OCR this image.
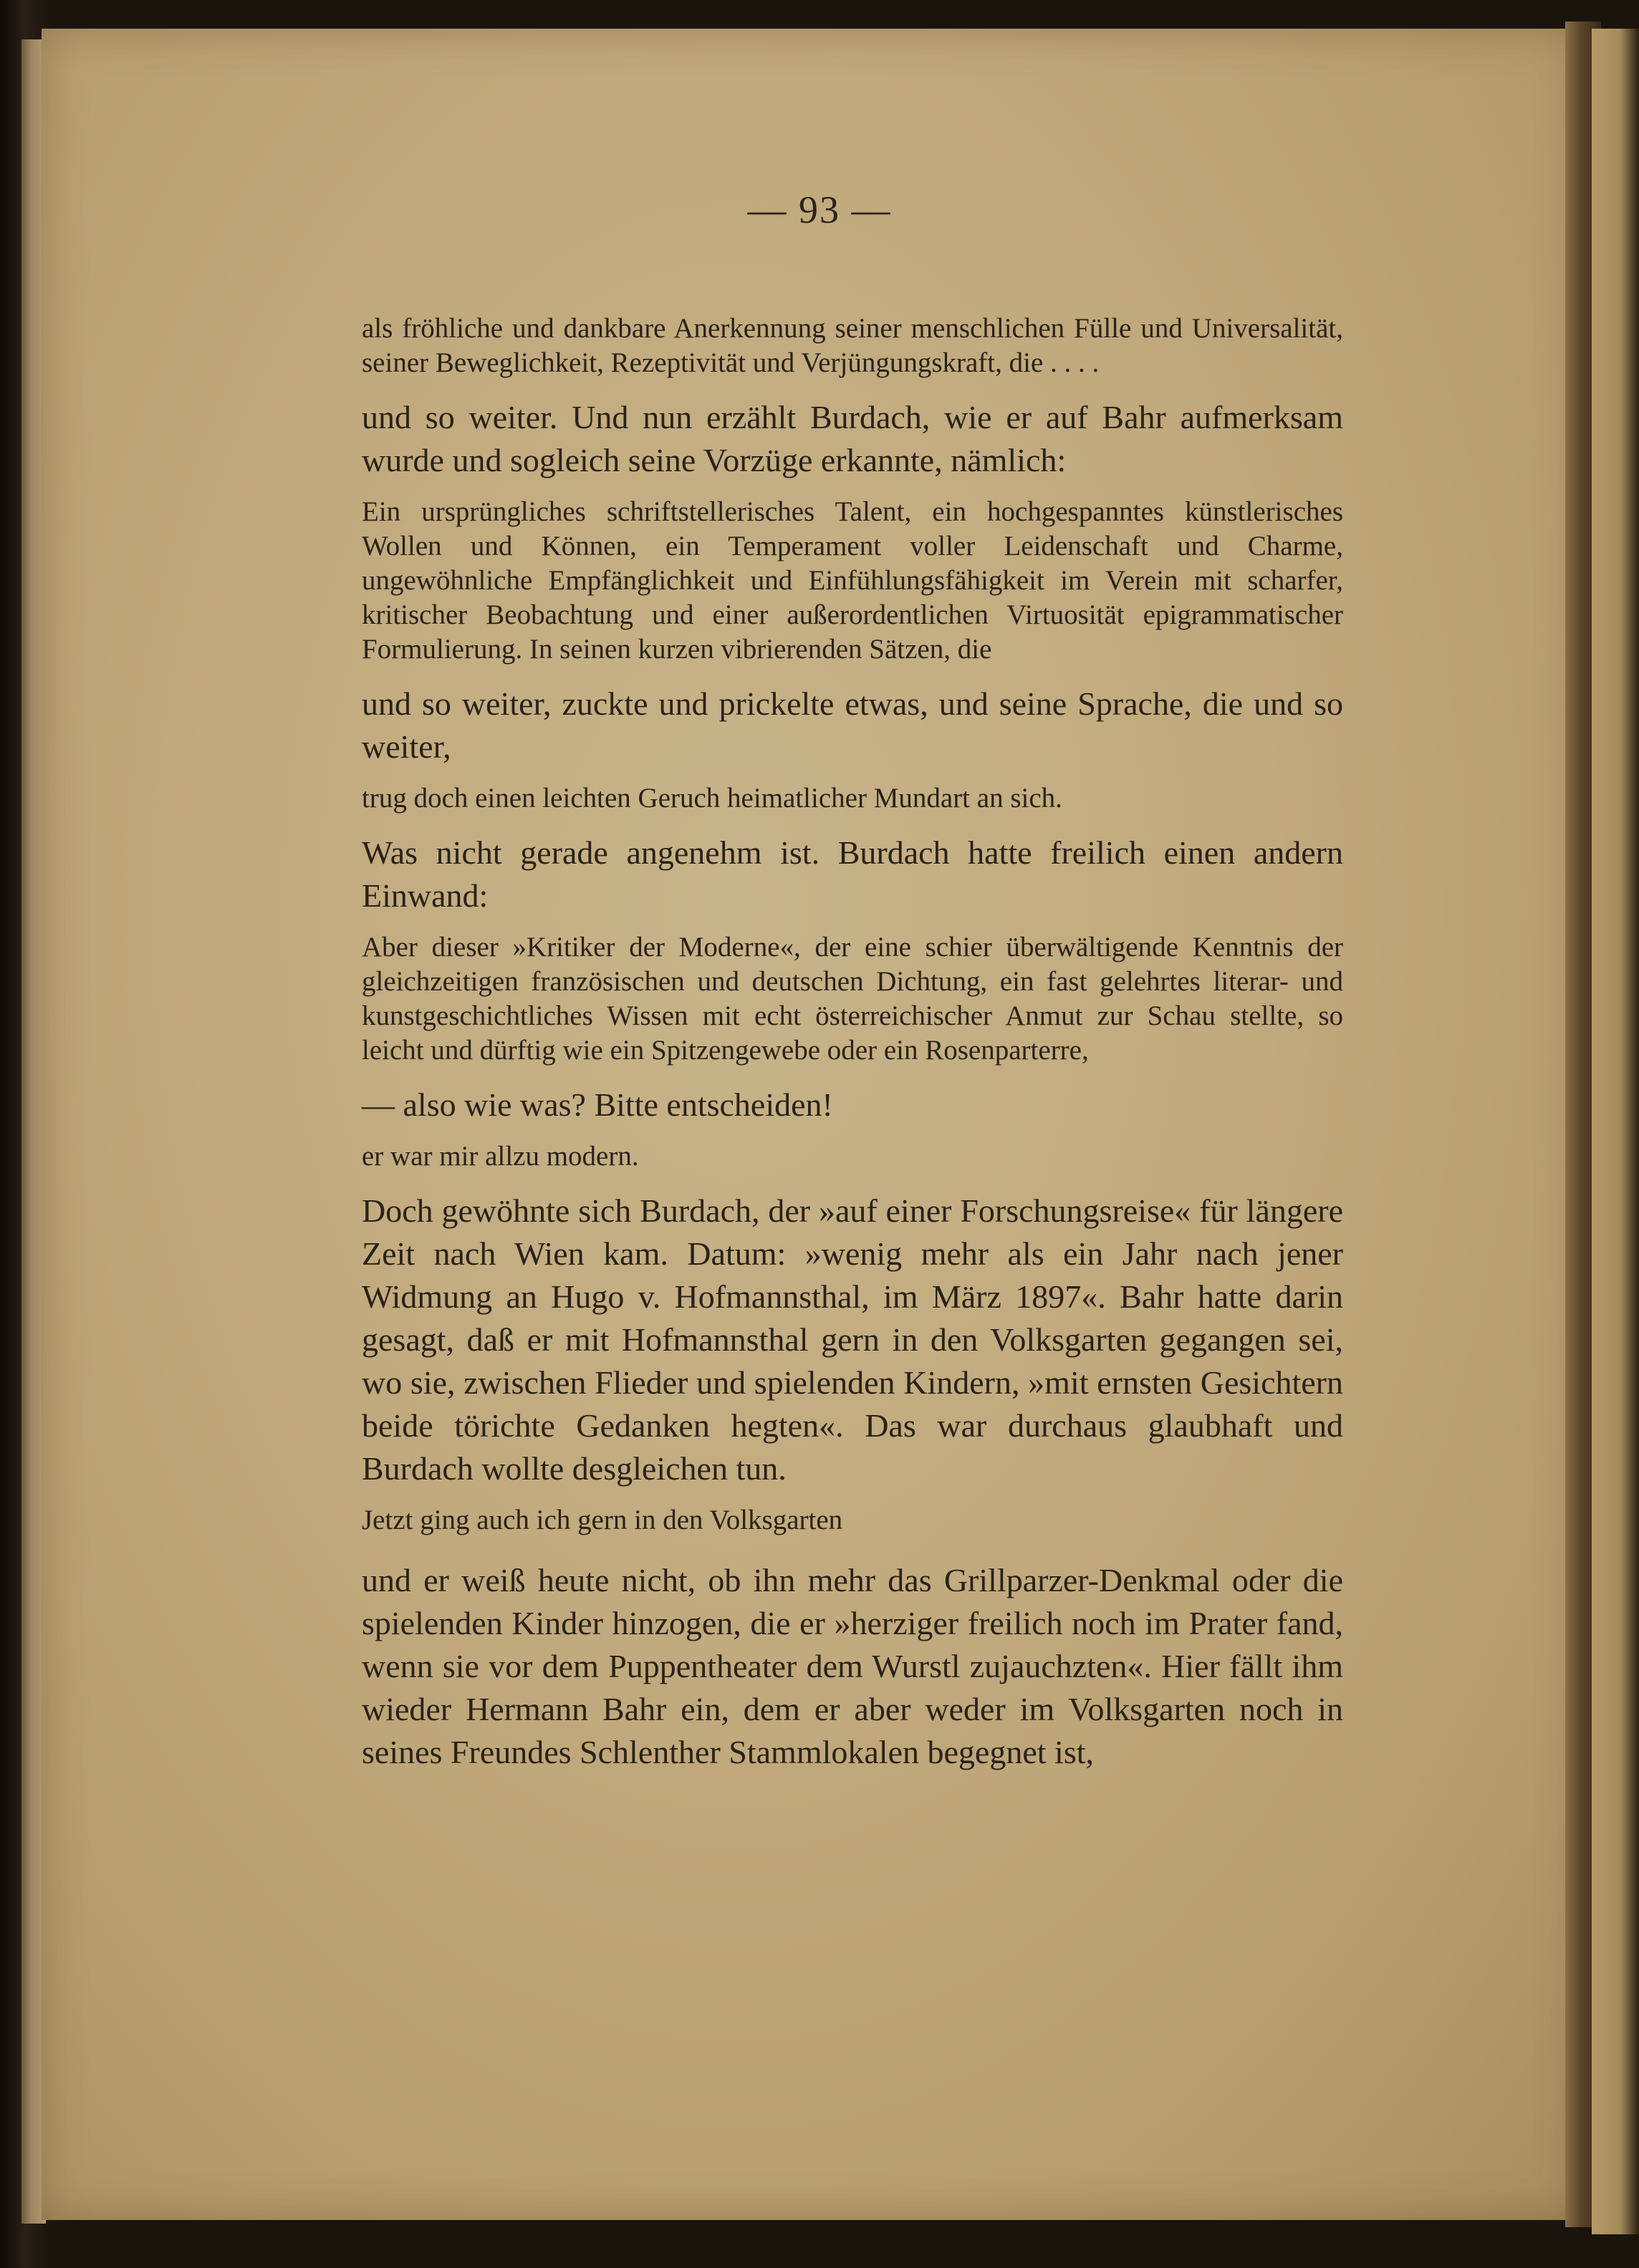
— 93 —

als fröhliche und dankbare Anerkennung seiner menschlichen Fülle und Universalität, seiner Beweglichkeit, Rezeptivität und Verjüngungskraft, die . . . .

und so weiter. Und nun erzählt Burdach, wie er auf Bahr aufmerksam wurde und sogleich seine Vorzüge erkannte, nämlich:

Ein ursprüngliches schriftstellerisches Talent, ein hochgespanntes künstlerisches Wollen und Können, ein Temperament voller Leidenschaft und Charme, ungewöhnliche Empfänglichkeit und Einfühlungsfähigkeit im Verein mit scharfer, kritischer Beobachtung und einer außerordentlichen Virtuosität epigrammatischer Formulierung. In seinen kurzen vibrierenden Sätzen, die

und so weiter, zuckte und prickelte etwas, und seine Sprache, die und so weiter,

trug doch einen leichten Geruch heimatlicher Mundart an sich.

Was nicht gerade angenehm ist. Burdach hatte freilich einen andern Einwand:

Aber dieser »Kritiker der Moderne«, der eine schier überwältigende Kenntnis der gleichzeitigen französischen und deutschen Dichtung, ein fast gelehrtes literar- und kunstgeschichtliches Wissen mit echt österreichischer Anmut zur Schau stellte, so leicht und dürftig wie ein Spitzengewebe oder ein Rosenparterre,

— also wie was? Bitte entscheiden!

er war mir allzu modern.

Doch gewöhnte sich Burdach, der »auf einer Forschungsreise« für längere Zeit nach Wien kam. Datum: »wenig mehr als ein Jahr nach jener Widmung an Hugo v. Hofmannsthal, im März 1897«. Bahr hatte darin gesagt, daß er mit Hofmannsthal gern in den Volksgarten gegangen sei, wo sie, zwischen Flieder und spielenden Kindern, »mit ernsten Gesichtern beide törichte Gedanken hegten«. Das war durchaus glaubhaft und Burdach wollte desgleichen tun.

Jetzt ging auch ich gern in den Volksgarten

und er weiß heute nicht, ob ihn mehr das Grillparzer-Denkmal oder die spielenden Kinder hinzogen, die er »herziger freilich noch im Prater fand, wenn sie vor dem Puppentheater dem Wurstl zujauchzten«. Hier fällt ihm wieder Hermann Bahr ein, dem er aber weder im Volksgarten noch in seines Freundes Schlenther Stammlokalen begegnet ist,
